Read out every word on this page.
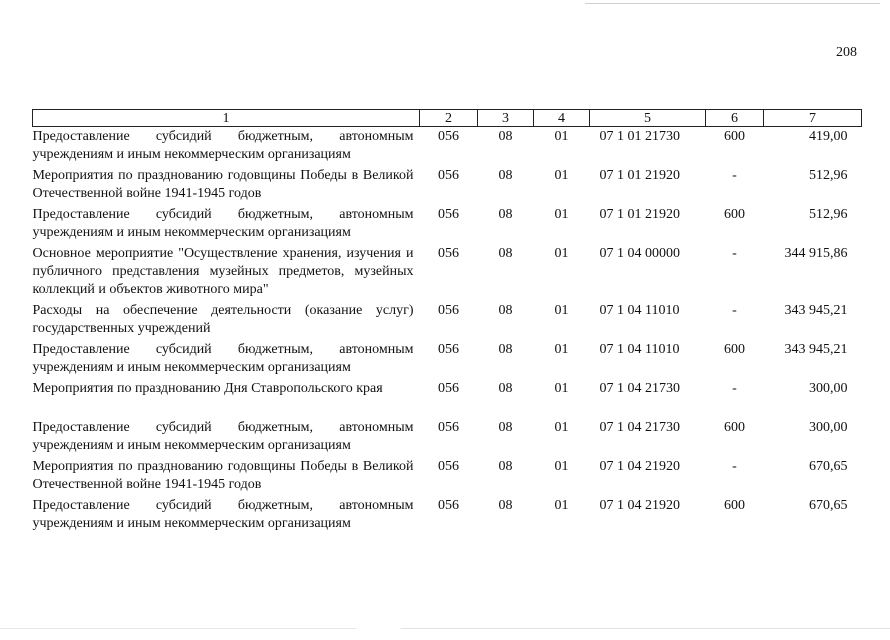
208
1	2	3	4	5	6	7
Предоставление субсидий бюджетным, автономным учреждениям и иным некоммерческим организациям	056	08	01	07 1 01 21730	600	419,00
Мероприятия по празднованию годовщины Победы в Великой Отечественной войне 1941-1945 годов	056	08	01	07 1 01 21920	-	512,96
Предоставление субсидий бюджетным, автономным учреждениям и иным некоммерческим организациям	056	08	01	07 1 01 21920	600	512,96
Основное мероприятие "Осуществление хранения, изучения и публичного представления музейных предметов, музейных коллекций и объектов животного мира"	056	08	01	07 1 04 00000	-	344 915,86
Расходы на обеспечение деятельности (оказание услуг) государственных учреждений	056	08	01	07 1 04 11010	-	343 945,21
Предоставление субсидий бюджетным, автономным учреждениям и иным некоммерческим организациям	056	08	01	07 1 04 11010	600	343 945,21
Мероприятия по празднованию Дня Ставропольского края	056	08	01	07 1 04 21730	-	300,00
Предоставление субсидий бюджетным, автономным учреждениям и иным некоммерческим организациям	056	08	01	07 1 04 21730	600	300,00
Мероприятия по празднованию годовщины Победы в Великой Отечественной войне 1941-1945 годов	056	08	01	07 1 04 21920	-	670,65
Предоставление субсидий бюджетным, автономным учреждениям и иным некоммерческим организациям	056	08	01	07 1 04 21920	600	670,65
